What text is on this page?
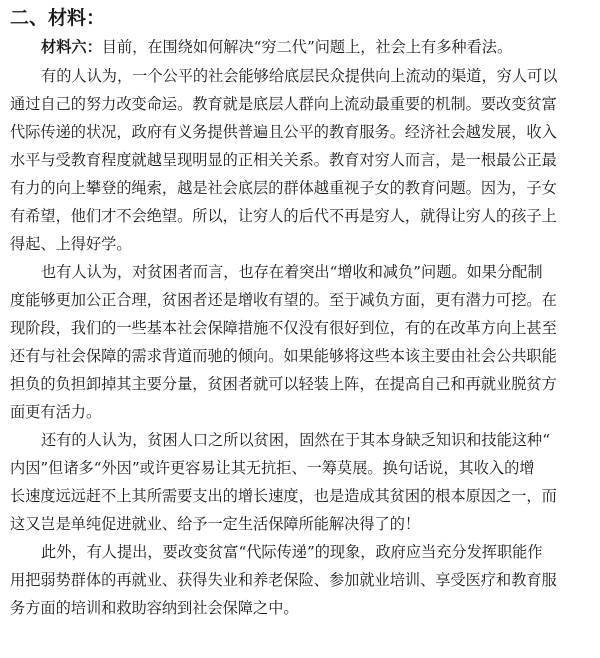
二、材料：
材料六：目前，在围绕如何解决“穷二代”问题上，社会上有多种看法。
有的人认为，一个公平的社会能够给底层民众提供向上流动的渠道，穷人可以
通过自己的努力改变命运。教育就是底层人群向上流动最重要的机制。要改变贫富
代际传递的状况，政府有义务提供普遍且公平的教育服务。经济社会越发展，收入
水平与受教育程度就越呈现明显的正相关关系。教育对穷人而言，是一根最公正最
有力的向上攀登的绳索，越是社会底层的群体越重视子女的教育问题。因为，子女
有希望，他们才不会绝望。所以，让穷人的后代不再是穷人，就得让穷人的孩子上
得起、上得好学。
也有人认为，对贫困者而言，也存在着突出“增收和减负”问题。如果分配制
度能够更加公正合理，贫困者还是增收有望的。至于减负方面，更有潜力可挖。在
现阶段，我们的一些基本社会保障措施不仅没有很好到位，有的在改革方向上甚至
还有与社会保障的需求背道而驰的倾向。如果能够将这些本该主要由社会公共职能
担负的负担卸掉其主要分量，贫困者就可以轻装上阵，在提高自己和再就业脱贫方
面更有活力。
还有的人认为，贫困人口之所以贫困，固然在于其本身缺乏知识和技能这种“
内因”但诸多“外因”或许更容易让其无抗拒、一筹莫展。换句话说，其收入的增
长速度远远赶不上其所需要支出的增长速度，也是造成其贫困的根本原因之一，而
这又岂是单纯促进就业、给予一定生活保障所能解决得了的！
此外，有人提出，要改变贫富“代际传递”的现象，政府应当充分发挥职能作
用把弱势群体的再就业、获得失业和养老保险、参加就业培训、享受医疗和教育服
务方面的培训和救助容纳到社会保障之中。
